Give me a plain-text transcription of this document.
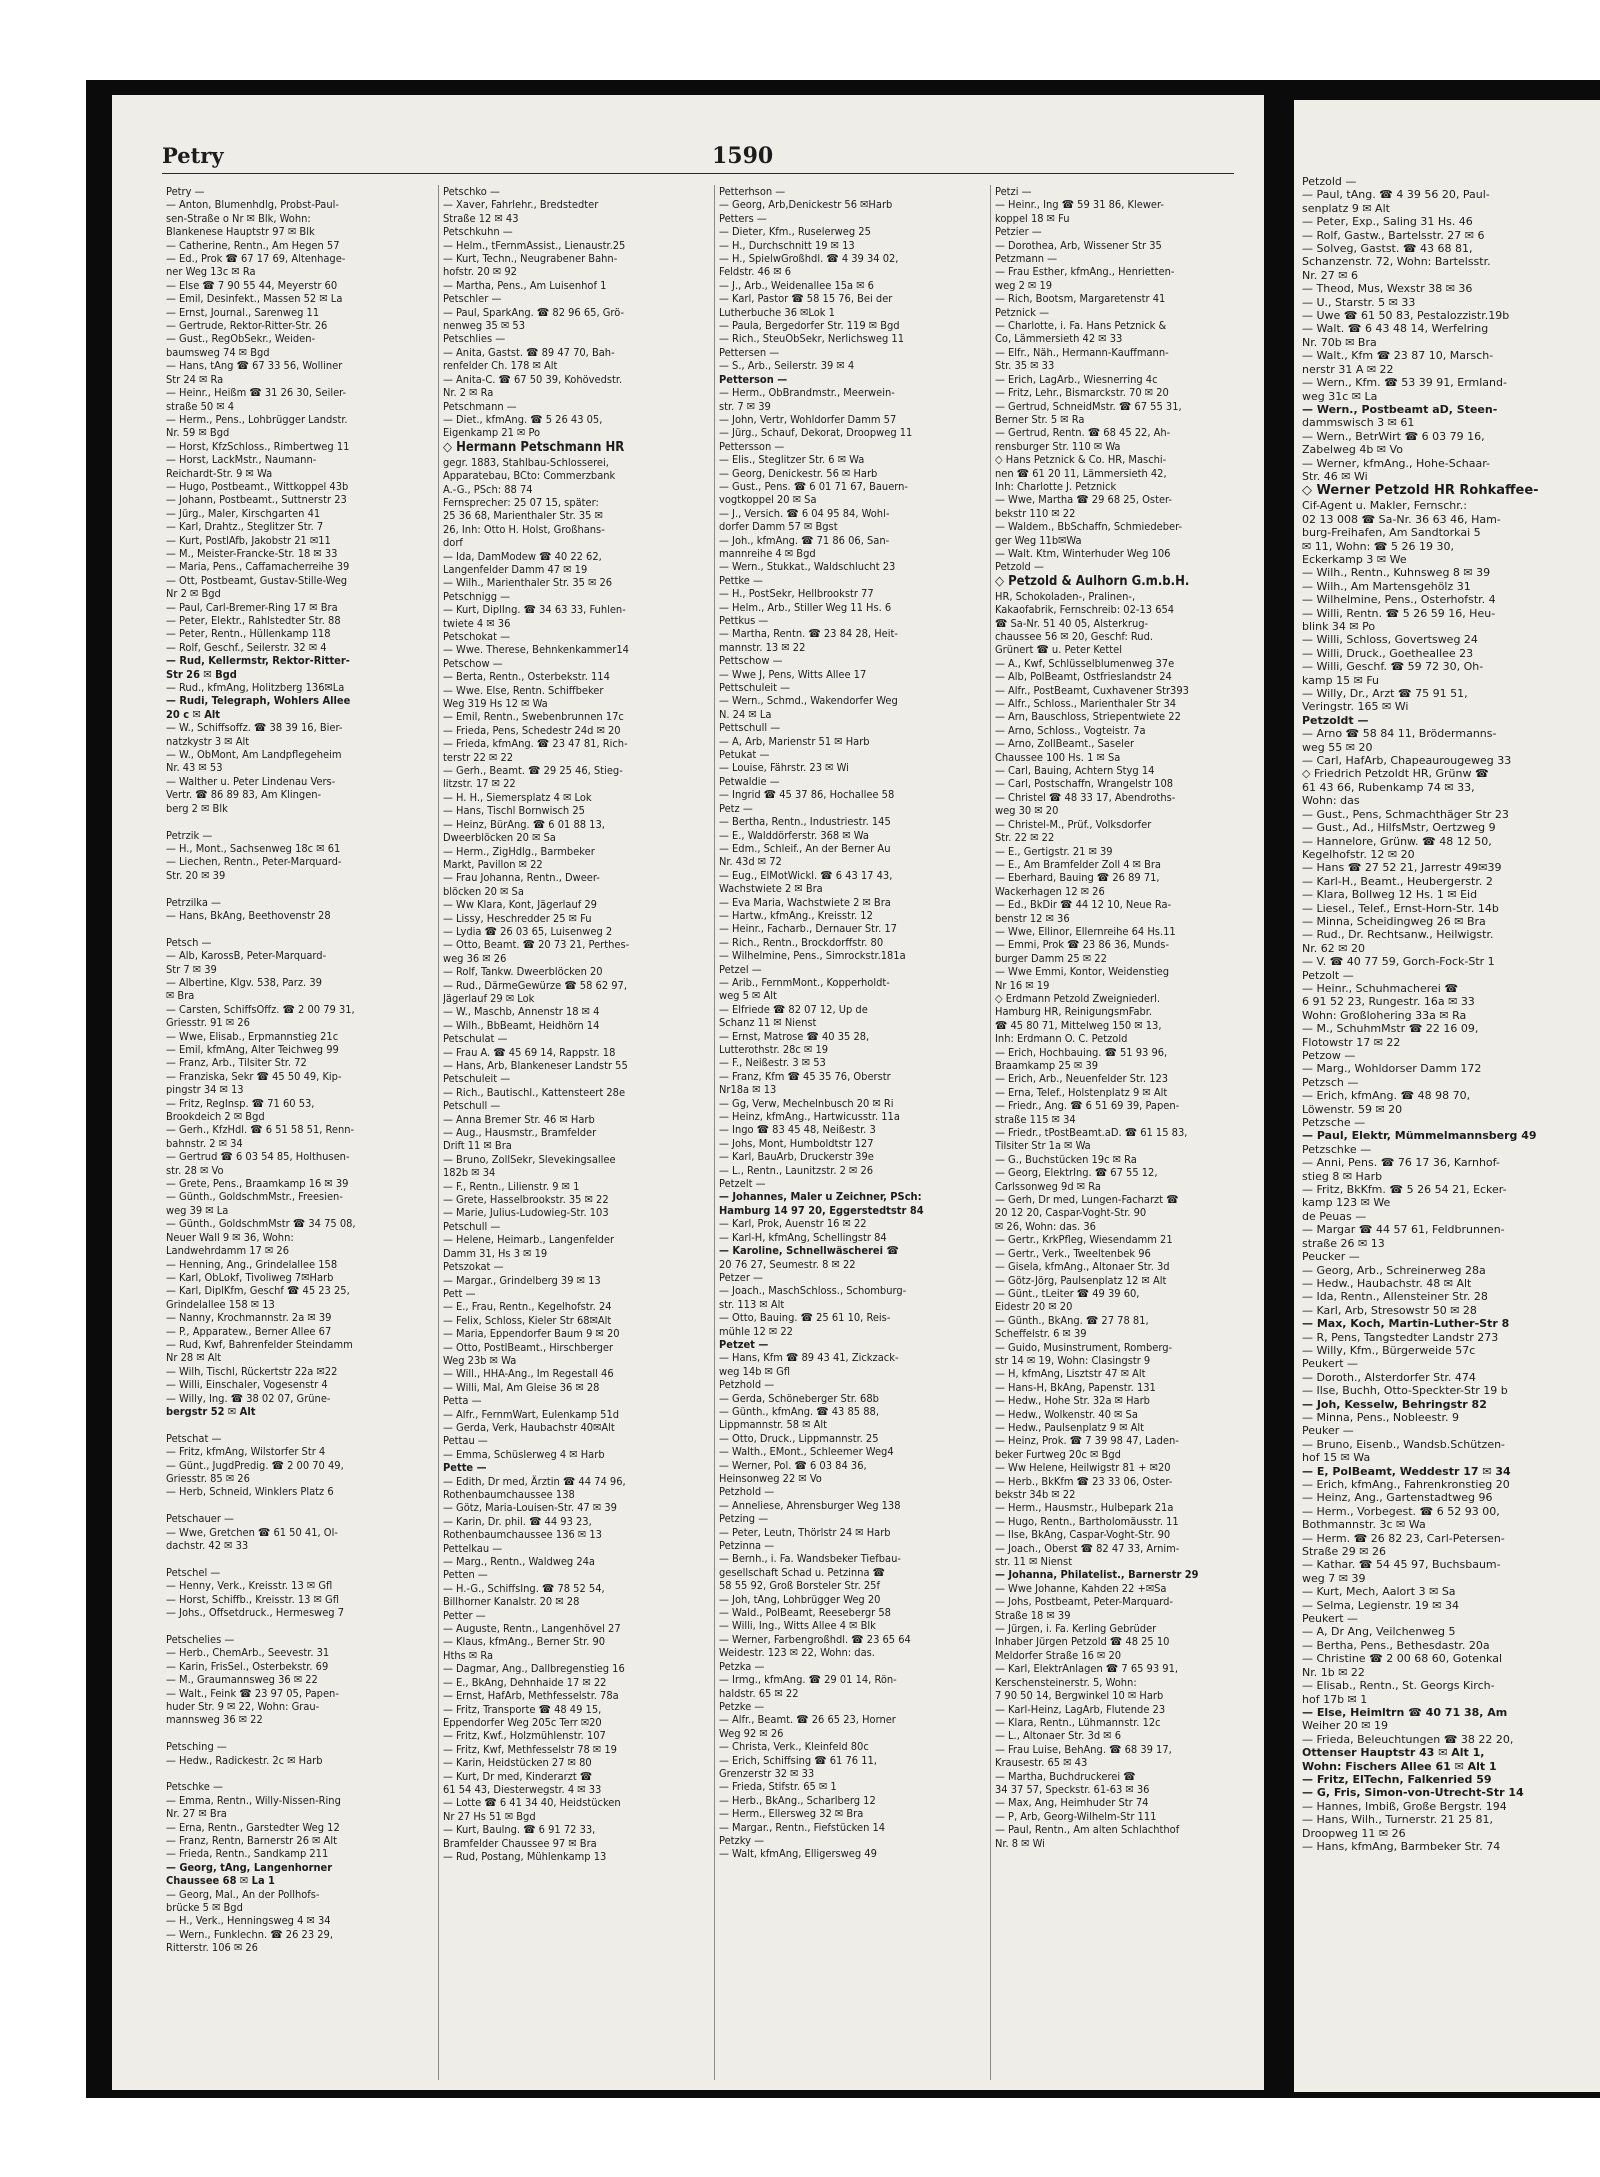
Petry	1590
Petry —
— Anton, Blumenhdlg, Probst-Paul-
sen-Straße o Nr ✉ Blk, Wohn:
Blankenese Hauptstr 97 ✉ Blk
— Catherine, Rentn., Am Hegen 57
— Ed., Prok ☎ 67 17 69, Altenhage-
ner Weg 13c ✉ Ra
— Else ☎ 7 90 55 44, Meyerstr 60
— Emil, Desinfekt., Massen 52 ✉ La
— Ernst, Journal., Sarenweg 11
— Gertrude, Rektor-Ritter-Str. 26
— Gust., RegObSekr., Weiden-
baumsweg 74 ✉ Bgd
— Hans, tAng ☎ 67 33 56, Wolliner
Str 24 ✉ Ra
— Heinr., Heißm ☎ 31 26 30, Seiler-
straße 50 ✉ 4
— Herm., Pens., Lohbrügger Landstr.
Nr. 59 ✉ Bgd
— Horst, KfzSchloss., Rimbertweg 11
— Horst, LackMstr., Naumann-
Reichardt-Str. 9 ✉ Wa
— Hugo, Postbeamt., Wittkoppel 43b
— Johann, Postbeamt., Suttnerstr 23
— Jürg., Maler, Kirschgarten 41
— Karl, Drahtz., Steglitzer Str. 7
— Kurt, PostlAfb, Jakobstr 21 ✉11
— M., Meister-Francke-Str. 18 ✉ 33
— Maria, Pens., Caffamacherreihe 39
— Ott, Postbeamt, Gustav-Stille-Weg
Nr 2 ✉ Bgd
— Paul, Carl-Bremer-Ring 17 ✉ Bra
— Peter, Elektr., Rahlstedter Str. 88
— Peter, Rentn., Hüllenkamp 118
— Rolf, Geschf., Seilerstr. 32 ✉ 4
— Rud, Kellermstr, Rektor-Ritter-
Str 26 ✉ Bgd
— Rud., kfmAng, Holitzberg 136✉La
— Rudi, Telegraph, Wohlers Allee
20 c ✉ Alt
— W., Schiffsoffz. ☎ 38 39 16, Bier-
natzkystr 3 ✉ Alt
— W., ObMont, Am Landpflegeheim
Nr. 43 ✉ 53
— Walther u. Peter Lindenau Vers-
Vertr. ☎ 86 89 83, Am Klingen-
berg 2 ✉ Blk

Petrzik —
— H., Mont., Sachsenweg 18c ✉ 61
— Liechen, Rentn., Peter-Marquard-
Str. 20 ✉ 39

Petrzilka —
— Hans, BkAng, Beethovenstr 28

Petsch —
— Alb, KarossB, Peter-Marquard-
Str 7 ✉ 39
— Albertine, Klgv. 538, Parz. 39
✉ Bra
— Carsten, SchiffsOffz. ☎ 2 00 79 31,
Griesstr. 91 ✉ 26
— Wwe, Elisab., Erpmannstieg 21c
— Emil, kfmAng, Alter Teichweg 99
— Franz, Arb., Tilsiter Str. 72
— Franziska, Sekr ☎ 45 50 49, Kip-
pingstr 34 ✉ 13
— Fritz, RegInsp. ☎ 71 60 53,
Brookdeich 2 ✉ Bgd
— Gerh., KfzHdl. ☎ 6 51 58 51, Renn-
bahnstr. 2 ✉ 34
— Gertrud ☎ 6 03 54 85, Holthusen-
str. 28 ✉ Vo
— Grete, Pens., Braamkamp 16 ✉ 39
— Günth., GoldschmMstr., Freesien-
weg 39 ✉ La
— Günth., GoldschmMstr ☎ 34 75 08,
Neuer Wall 9 ✉ 36, Wohn:
Landwehrdamm 17 ✉ 26
— Henning, Ang., Grindelallee 158
— Karl, ObLokf, Tivoliweg 7✉Harb
— Karl, DiplKfm, Geschf ☎ 45 23 25,
Grindelallee 158 ✉ 13
— Nanny, Krochmannstr. 2a ✉ 39
— P., Apparatew., Berner Allee 67
— Rud, Kwf, Bahrenfelder Steindamm
Nr 28 ✉ Alt
— Wilh, Tischl, Rückertstr 22a ✉22
— Willi, Einschaler, Vogesenstr 4
— Willy, Ing. ☎ 38 02 07, Grüne-
bergstr 52 ✉ Alt

Petschat —
— Fritz, kfmAng, Wilstorfer Str 4
— Günt., JugdPredig. ☎ 2 00 70 49,
Griesstr. 85 ✉ 26
— Herb, Schneid, Winklers Platz 6

Petschauer —
— Wwe, Gretchen ☎ 61 50 41, Ol-
dachstr. 42 ✉ 33

Petschel —
— Henny, Verk., Kreisstr. 13 ✉ Gfl
— Horst, Schiffb., Kreisstr. 13 ✉ Gfl
— Johs., Offsetdruck., Hermesweg 7

Petschelies —
— Herb., ChemArb., Seevestr. 31
— Karin, FrisSel., Osterbekstr. 69
— M., Graumannsweg 36 ✉ 22
— Walt., Feink ☎ 23 97 05, Papen-
huder Str. 9 ✉ 22, Wohn: Grau-
mannsweg 36 ✉ 22

Petsching —
— Hedw., Radickestr. 2c ✉ Harb

Petschke —
— Emma, Rentn., Willy-Nissen-Ring
Nr. 27 ✉ Bra
— Erna, Rentn., Garstedter Weg 12
— Franz, Rentn, Barnerstr 26 ✉ Alt
— Frieda, Rentn., Sandkamp 211
— Georg, tAng, Langenhorner
Chaussee 68 ✉ La 1
— Georg, Mal., An der Pollhofs-
brücke 5 ✉ Bgd
— H., Verk., Henningsweg 4 ✉ 34
— Wern., Funklechn. ☎ 26 23 29,
Ritterstr. 106 ✉ 26
Petschko —
— Xaver, Fahrlehr., Bredstedter
Straße 12 ✉ 43
Petschkuhn —
— Helm., tFernmAssist., Lienaustr.25
— Kurt, Techn., Neugrabener Bahn-
hofstr. 20 ✉ 92
— Martha, Pens., Am Luisenhof 1
Petschler —
— Paul, SparkAng. ☎ 82 96 65, Grö-
nenweg 35 ✉ 53
Petschlies —
— Anita, Gastst. ☎ 89 47 70, Bah-
renfelder Ch. 178 ✉ Alt
— Anita-C. ☎ 67 50 39, Kohövedstr.
Nr. 2 ✉ Ra
Petschmann —
— Diet., kfmAng. ☎ 5 26 43 05,
Eigenkamp 21 ✉ Po
◇ Hermann Petschmann HR
gegr. 1883, Stahlbau-Schlosserei,
Apparatebau, BCto: Commerzbank
A.-G., PSch: 88 74
Fernsprecher: 25 07 15, später:
25 36 68, Marienthaler Str. 35 ✉
26, Inh: Otto H. Holst, Großhans-
dorf
— Ida, DamModew ☎ 40 22 62,
Langenfelder Damm 47 ✉ 19
— Wilh., Marienthaler Str. 35 ✉ 26
Petschnigg —
— Kurt, DiplIng. ☎ 34 63 33, Fuhlen-
twiete 4 ✉ 36
Petschokat —
— Wwe. Therese, Behnkenkammer14
Petschow —
— Berta, Rentn., Osterbekstr. 114
— Wwe. Else, Rentn. Schiffbeker
Weg 319 Hs 12 ✉ Wa
— Emil, Rentn., Swebenbrunnen 17c
— Frieda, Pens, Schedestr 24d ✉ 20
— Frieda, kfmAng. ☎ 23 47 81, Rich-
terstr 22 ✉ 22
— Gerh., Beamt. ☎ 29 25 46, Stieg-
litzstr. 17 ✉ 22
— H. H., Siemersplatz 4 ✉ Lok
— Hans, Tischl Bornwisch 25
— Heinz, BürAng. ☎ 6 01 88 13,
Dweerblöcken 20 ✉ Sa
— Herm., ZigHdlg., Barmbeker
Markt, Pavillon ✉ 22
— Frau Johanna, Rentn., Dweer-
blöcken 20 ✉ Sa
— Ww Klara, Kont, Jägerlauf 29
— Lissy, Heschredder 25 ✉ Fu
— Lydia ☎ 26 03 65, Luisenweg 2
— Otto, Beamt. ☎ 20 73 21, Perthes-
weg 36 ✉ 26
— Rolf, Tankw. Dweerblöcken 20
— Rud., DärmeGewürze ☎ 58 62 97,
Jägerlauf 29 ✉ Lok
— W., Maschb, Annenstr 18 ✉ 4
— Wilh., BbBeamt, Heidhörn 14
Petschulat —
— Frau A. ☎ 45 69 14, Rappstr. 18
— Hans, Arb, Blankeneser Landstr 55
Petschuleit —
— Rich., Bautischl., Kattensteert 28e
Petschull —
— Anna Bremer Str. 46 ✉ Harb
— Aug., Hausmstr., Bramfelder
Drift 11 ✉ Bra
— Bruno, ZollSekr, Slevekingsallee
182b ✉ 34
— F., Rentn., Lilienstr. 9 ✉ 1
— Grete, Hasselbrookstr. 35 ✉ 22
— Marie, Julius-Ludowieg-Str. 103
Petschull —
— Helene, Heimarb., Langenfelder
Damm 31, Hs 3 ✉ 19
Petszokat —
— Margar., Grindelberg 39 ✉ 13
Pett —
— E., Frau, Rentn., Kegelhofstr. 24
— Felix, Schloss, Kieler Str 68✉Alt
— Maria, Eppendorfer Baum 9 ✉ 20
— Otto, PostlBeamt., Hirschberger
Weg 23b ✉ Wa
— Will., HHA-Ang., Im Regestall 46
— Willi, Mal, Am Gleise 36 ✉ 28
Petta —
— Alfr., FernmWart, Eulenkamp 51d
— Gerda, Verk, Haubachstr 40✉Alt
Pettau —
— Emma, Schüslerweg 4 ✉ Harb
Pette —
— Edith, Dr med, Ärztin ☎ 44 74 96,
Rothenbaumchaussee 138
— Götz, Maria-Louisen-Str. 47 ✉ 39
— Karin, Dr. phil. ☎ 44 93 23,
Rothenbaumchaussee 136 ✉ 13
Pettelkau —
— Marg., Rentn., Waldweg 24a
Petten —
— H.-G., SchiffsIng. ☎ 78 52 54,
Billhorner Kanalstr. 20 ✉ 28
Petter —
— Auguste, Rentn., Langenhövel 27
— Klaus, kfmAng., Berner Str. 90
Hths ✉ Ra
— Dagmar, Ang., Dallbregenstieg 16
— E., BkAng, Dehnhaide 17 ✉ 22
— Ernst, HafArb, Methfesselstr. 78a
— Fritz, Transporte ☎ 48 49 15,
Eppendorfer Weg 205c Terr ✉20
— Fritz, Kwf., Holzmühlenstr. 107
— Fritz, Kwf, Methfesselstr 78 ✉ 19
— Karin, Heidstücken 27 ✉ 80
— Kurt, Dr med, Kinderarzt ☎
61 54 43, Diesterwegstr. 4 ✉ 33
— Lotte ☎ 6 41 34 40, Heidstücken
Nr 27 Hs 51 ✉ Bgd
— Kurt, Baulng. ☎ 6 91 72 33,
Bramfelder Chaussee 97 ✉ Bra
— Rud, Postang, Mühlenkamp 13
Petterhson —
— Georg, Arb,Denickestr 56 ✉Harb
Petters —
— Dieter, Kfm., Ruselerweg 25
— H., Durchschnitt 19 ✉ 13
— H., SpielwGroßhdl. ☎ 4 39 34 02,
Feldstr. 46 ✉ 6
— J., Arb., Weidenallee 15a ✉ 6
— Karl, Pastor ☎ 58 15 76, Bei der
Lutherbuche 36 ✉Lok 1
— Paula, Bergedorfer Str. 119 ✉ Bgd
— Rich., SteuObSekr, Nerlichsweg 11
Pettersen —
— S., Arb., Seilerstr. 39 ✉ 4
Petterson —
— Herm., ObBrandmstr., Meerwein-
str. 7 ✉ 39
— John, Vertr, Wohldorfer Damm 57
— Jürg., Schauf, Dekorat, Droopweg 11
Pettersson —
— Elis., Steglitzer Str. 6 ✉ Wa
— Georg, Denickestr. 56 ✉ Harb
— Gust., Pens. ☎ 6 01 71 67, Bauern-
vogtkoppel 20 ✉ Sa
— J., Versich. ☎ 6 04 95 84, Wohl-
dorfer Damm 57 ✉ Bgst
— Joh., kfmAng. ☎ 71 86 06, San-
mannreihe 4 ✉ Bgd
— Wern., Stukkat., Waldschlucht 23
Pettke —
— H., PostSekr, Hellbrookstr 77
— Helm., Arb., Stiller Weg 11 Hs. 6
Pettkus —
— Martha, Rentn. ☎ 23 84 28, Heit-
mannstr. 13 ✉ 22
Pettschow —
— Wwe J, Pens, Witts Allee 17
Pettschuleit —
— Wern., Schmd., Wakendorfer Weg
N. 24 ✉ La
Pettschull —
— A, Arb, Marienstr 51 ✉ Harb
Petukat —
— Louise, Fährstr. 23 ✉ Wi
Petwaldie —
— Ingrid ☎ 45 37 86, Hochallee 58
Petz —
— Bertha, Rentn., Industriestr. 145
— E., Walddörferstr. 368 ✉ Wa
— Edm., Schleif., An der Berner Au
Nr. 43d ✉ 72
— Eug., ElMotWickl. ☎ 6 43 17 43,
Wachstwiete 2 ✉ Bra
— Eva Maria, Wachstwiete 2 ✉ Bra
— Hartw., kfmAng., Kreisstr. 12
— Heinr., Facharb., Dernauer Str. 17
— Rich., Rentn., Brockdorffstr. 80
— Wilhelmine, Pens., Simrockstr.181a
Petzel —
— Arib., FernmMont., Kopperholdt-
weg 5 ✉ Alt
— Elfriede ☎ 82 07 12, Up de
Schanz 11 ✉ Nienst
— Ernst, Matrose ☎ 40 35 28,
Lutterothstr. 28c ✉ 19
— F., Neißestr. 3 ✉ 53
— Franz, Kfm ☎ 45 35 76, Oberstr
Nr18a ✉ 13
— Gg, Verw, Mechelnbusch 20 ✉ Ri
— Heinz, kfmAng., Hartwicusstr. 11a
— Ingo ☎ 83 45 48, Neißestr. 3
— Johs, Mont, Humboldtstr 127
— Karl, BauArb, Druckerstr 39e
— L., Rentn., Launitzstr. 2 ✉ 26
Petzelt —
— Johannes, Maler u Zeichner, PSch:
Hamburg 14 97 20, Eggerstedtstr 84
— Karl, Prok, Auenstr 16 ✉ 22
— Karl-H, kfmAng, Schellingstr 84
— Karoline, Schnellwäscherei ☎
20 76 27, Seumestr. 8 ✉ 22
Petzer —
— Joach., MaschSchloss., Schomburg-
str. 113 ✉ Alt
— Otto, Bauing. ☎ 25 61 10, Reis-
mühle 12 ✉ 22
Petzet —
— Hans, Kfm ☎ 89 43 41, Zickzack-
weg 14b ✉ Gfl
Petzhold —
— Gerda, Schöneberger Str. 68b
— Günth., kfmAng. ☎ 43 85 88,
Lippmannstr. 58 ✉ Alt
— Otto, Druck., Lippmannstr. 25
— Walth., EMont., Schleemer Weg4
— Werner, Pol. ☎ 6 03 84 36,
Heinsonweg 22 ✉ Vo
Petzhold —
— Anneliese, Ahrensburger Weg 138
Petzing —
— Peter, Leutn, Thörlstr 24 ✉ Harb
Petzinna —
— Bernh., i. Fa. Wandsbeker Tiefbau-
gesellschaft Schad u. Petzinna ☎
58 55 92, Groß Borsteler Str. 25f
— Joh, tAng, Lohbrügger Weg 20
— Wald., PolBeamt, Reesebergr 58
— Willi, Ing., Witts Allee 4 ✉ Blk
— Werner, Farbengroßhdl. ☎ 23 65 64
Weidestr. 123 ✉ 22, Wohn: das.
Petzka —
— Irmg., kfmAng. ☎ 29 01 14, Rön-
haldstr. 65 ✉ 22
Petzke —
— Alfr., Beamt. ☎ 26 65 23, Horner
Weg 92 ✉ 26
— Christa, Verk., Kleinfeld 80c
— Erich, Schiffsing ☎ 61 76 11,
Grenzerstr 32 ✉ 33
— Frieda, Stifstr. 65 ✉ 1
— Herb., BkAng., Scharlberg 12
— Herm., Ellersweg 32 ✉ Bra
— Margar., Rentn., Fiefstücken 14
Petzky —
— Walt, kfmAng, Elligersweg 49
Petzi —
— Heinr., Ing ☎ 59 31 86, Klewer-
koppel 18 ✉ Fu
Petzier —
— Dorothea, Arb, Wissener Str 35
Petzmann —
— Frau Esther, kfmAng., Henrietten-
weg 2 ✉ 19
— Rich, Bootsm, Margaretenstr 41
Petznick —
— Charlotte, i. Fa. Hans Petznick &
Co, Lämmersieth 42 ✉ 33
— Elfr., Näh., Hermann-Kauffmann-
Str. 35 ✉ 33
— Erich, LagArb., Wiesnerring 4c
— Fritz, Lehr., Bismarckstr. 70 ✉ 20
— Gertrud, SchneidMstr. ☎ 67 55 31,
Berner Str. 5 ✉ Ra
— Gertrud, Rentn. ☎ 68 45 22, Ah-
rensburger Str. 110 ✉ Wa
◇ Hans Petznick & Co. HR, Maschi-
nen ☎ 61 20 11, Lämmersieth 42,
Inh: Charlotte J. Petznick
— Wwe, Martha ☎ 29 68 25, Oster-
bekstr 110 ✉ 22
— Waldem., BbSchaffn, Schmiedeber-
ger Weg 11b✉Wa
— Walt. Ktm, Winterhuder Weg 106
Petzold —
◇ Petzold & Aulhorn G.m.b.H.
HR, Schokoladen-, Pralinen-,
Kakaofabrik, Fernschreib: 02-13 654
☎ Sa-Nr. 51 40 05, Alsterkrug-
chaussee 56 ✉ 20, Geschf: Rud.
Grünert ☎ u. Peter Kettel
— A., Kwf, Schlüsselblumenweg 37e
— Alb, PolBeamt, Ostfrieslandstr 24
— Alfr., PostBeamt, Cuxhavener Str393
— Alfr., Schloss., Marienthaler Str 34
— Arn, Bauschloss, Striepentwiete 22
— Arno, Schloss., Vogteistr. 7a
— Arno, ZollBeamt., Saseler
Chaussee 100 Hs. 1 ✉ Sa
— Carl, Bauing, Achtern Styg 14
— Carl, Postschaffn, Wrangelstr 108
— Christel ☎ 48 33 17, Abendroths-
weg 30 ✉ 20
— Christel-M., Prüf., Volksdorfer
Str. 22 ✉ 22
— E., Gertigstr. 21 ✉ 39
— E., Am Bramfelder Zoll 4 ✉ Bra
— Eberhard, Bauing ☎ 26 89 71,
Wackerhagen 12 ✉ 26
— Ed., BkDir ☎ 44 12 10, Neue Ra-
benstr 12 ✉ 36
— Wwe, Ellinor, Ellernreihe 64 Hs.11
— Emmi, Prok ☎ 23 86 36, Munds-
burger Damm 25 ✉ 22
— Wwe Emmi, Kontor, Weidenstieg
Nr 16 ✉ 19
◇ Erdmann Petzold Zweigniederl.
Hamburg HR, ReinigungsmFabr.
☎ 45 80 71, Mittelweg 150 ✉ 13,
Inh: Erdmann O. C. Petzold
— Erich, Hochbauing. ☎ 51 93 96,
Braamkamp 25 ✉ 39
— Erich, Arb., Neuenfelder Str. 123
— Erna, Telef., Holstenplatz 9 ✉ Alt
— Friedr., Ang. ☎ 6 51 69 39, Papen-
straße 115 ✉ 34
— Friedr., tPostBeamt.aD. ☎ 61 15 83,
Tilsiter Str 1a ✉ Wa
— G., Buchstücken 19c ✉ Ra
— Georg, ElektrIng. ☎ 67 55 12,
Carlssonweg 9d ✉ Ra
— Gerh, Dr med, Lungen-Facharzt ☎
20 12 20, Caspar-Voght-Str. 90
✉ 26, Wohn: das. 36
— Gertr., KrkPfleg, Wiesendamm 21
— Gertr., Verk., Tweeltenbek 96
— Gisela, kfmAng., Altonaer Str. 3d
— Götz-Jörg, Paulsenplatz 12 ✉ Alt
— Günt., tLeiter ☎ 49 39 60,
Eidestr 20 ✉ 20
— Günth., BkAng. ☎ 27 78 81,
Scheffelstr. 6 ✉ 39
— Guido, Musinstrument, Romberg-
str 14 ✉ 19, Wohn: Clasingstr 9
— H, kfmAng, Lisztstr 47 ✉ Alt
— Hans-H, BkAng, Papenstr. 131
— Hedw., Hohe Str. 32a ✉ Harb
— Hedw., Wolkenstr. 40 ✉ Sa
— Hedw., Paulsenplatz 9 ✉ Alt
— Heinz, Prok. ☎ 7 39 98 47, Laden-
beker Furtweg 20c ✉ Bgd
— Ww Helene, Heilwigstr 81 + ✉20
— Herb., BkKfm ☎ 23 33 06, Oster-
bekstr 34b ✉ 22
— Herm., Hausmstr., Hulbepark 21a
— Hugo, Rentn., Bartholomäusstr. 11
— Ilse, BkAng, Caspar-Voght-Str. 90
— Joach., Oberst ☎ 82 47 33, Arnim-
str. 11 ✉ Nienst
— Johanna, Philatelist., Barnerstr 29
— Wwe Johanne, Kahden 22 +✉Sa
— Johs, Postbeamt, Peter-Marquard-
Straße 18 ✉ 39
— Jürgen, i. Fa. Kerling Gebrüder
Inhaber Jürgen Petzold ☎ 48 25 10
Meldorfer Straße 16 ✉ 20
— Karl, ElektrAnlagen ☎ 7 65 93 91,
Kerschensteinerstr. 5, Wohn:
7 90 50 14, Bergwinkel 10 ✉ Harb
— Karl-Heinz, LagArb, Flutende 23
— Klara, Rentn., Lühmannstr. 12c
— L., Altonaer Str. 3d ✉ 6
— Frau Luise, BehAng. ☎ 68 39 17,
Krausestr. 65 ✉ 43
— Martha, Buchdruckerei ☎
34 37 57, Speckstr. 61-63 ✉ 36
— Max, Ang, Heimhuder Str 74
— P, Arb, Georg-Wilhelm-Str 111
— Paul, Rentn., Am alten Schlachthof
Nr. 8 ✉ Wi
Petzold —
— Paul, tAng. ☎ 4 39 56 20, Paul-
senplatz 9 ✉ Alt
— Peter, Exp., Saling 31 Hs. 46
— Rolf, Gastw., Bartelsstr. 27 ✉ 6
— Solveg, Gastst. ☎ 43 68 81,
Schanzenstr. 72, Wohn: Bartelsstr.
Nr. 27 ✉ 6
— Theod, Mus, Wexstr 38 ✉ 36
— U., Starstr. 5 ✉ 33
— Uwe ☎ 61 50 83, Pestalozzistr.19b
— Walt. ☎ 6 43 48 14, Werfelring
Nr. 70b ✉ Bra
— Walt., Kfm ☎ 23 87 10, Marsch-
nerstr 31 A ✉ 22
— Wern., Kfm. ☎ 53 39 91, Ermland-
weg 31c ✉ La
— Wern., Postbeamt aD, Steen-
dammswisch 3 ✉ 61
— Wern., BetrWirt ☎ 6 03 79 16,
Zabelweg 4b ✉ Vo
— Werner, kfmAng., Hohe-Schaar-
Str. 46 ✉ Wi
◇ Werner Petzold HR Rohkaffee-
Cif-Agent u. Makler, Fernschr.:
02 13 008 ☎ Sa-Nr. 36 63 46, Ham-
burg-Freihafen, Am Sandtorkai 5
✉ 11, Wohn: ☎ 5 26 19 30,
Eckerkamp 3 ✉ We
— Wilh., Rentn., Kuhnsweg 8 ✉ 39
— Wilh., Am Martensgehölz 31
— Wilhelmine, Pens., Osterhofstr. 4
— Willi, Rentn. ☎ 5 26 59 16, Heu-
blink 34 ✉ Po
— Willi, Schloss, Govertsweg 24
— Willi, Druck., Goetheallee 23
— Willi, Geschf. ☎ 59 72 30, Oh-
kamp 15 ✉ Fu
— Willy, Dr., Arzt ☎ 75 91 51,
Veringstr. 165 ✉ Wi
Petzoldt —
— Arno ☎ 58 84 11, Brödermanns-
weg 55 ✉ 20
— Carl, HafArb, Chapeaurougeweg 33
◇ Friedrich Petzoldt HR, Grünw ☎
61 43 66, Rubenkamp 74 ✉ 33,
Wohn: das
— Gust., Pens, Schmachthäger Str 23
— Gust., Ad., HilfsMstr, Oertzweg 9
— Hannelore, Grünw. ☎ 48 12 50,
Kegelhofstr. 12 ✉ 20
— Hans ☎ 27 52 21, Jarrestr 49✉39
— Karl-H., Beamt., Heubergerstr. 2
— Klara, Bollweg 12 Hs. 1 ✉ Eid
— Liesel., Telef., Ernst-Horn-Str. 14b
— Minna, Scheidingweg 26 ✉ Bra
— Rud., Dr. Rechtsanw., Heilwigstr.
Nr. 62 ✉ 20
— V. ☎ 40 77 59, Gorch-Fock-Str 1
Petzolt —
— Heinr., Schuhmacherei ☎
6 91 52 23, Rungestr. 16a ✉ 33
Wohn: Großlohering 33a ✉ Ra
— M., SchuhmMstr ☎ 22 16 09,
Flotowstr 17 ✉ 22
Petzow —
— Marg., Wohldorser Damm 172
Petzsch —
— Erich, kfmAng. ☎ 48 98 70,
Löwenstr. 59 ✉ 20
Petzsche —
— Paul, Elektr, Mümmelmannsberg 49
Petzschke —
— Anni, Pens. ☎ 76 17 36, Karnhof-
stieg 8 ✉ Harb
— Fritz, BkKfm. ☎ 5 26 54 21, Ecker-
kamp 123 ✉ We
de Peuas —
— Margar ☎ 44 57 61, Feldbrunnen-
straße 26 ✉ 13
Peucker —
— Georg, Arb., Schreinerweg 28a
— Hedw., Haubachstr. 48 ✉ Alt
— Ida, Rentn., Allensteiner Str. 28
— Karl, Arb, Stresowstr 50 ✉ 28
— Max, Koch, Martin-Luther-Str 8
— R, Pens, Tangstedter Landstr 273
— Willy, Kfm., Bürgerweide 57c
Peukert —
— Doroth., Alsterdorfer Str. 474
— Ilse, Buchh, Otto-Speckter-Str 19 b
— Joh, Kesselw, Behringstr 82
— Minna, Pens., Nobleestr. 9
Peuker —
— Bruno, Eisenb., Wandsb.Schützen-
hof 15 ✉ Wa
— E, PolBeamt, Weddestr 17 ✉ 34
— Erich, kfmAng., Fahrenkronstieg 20
— Heinz, Ang., Gartenstadtweg 96
— Herm., Vorbegest. ☎ 6 52 93 00,
Bothmannstr. 3c ✉ Wa
— Herm. ☎ 26 82 23, Carl-Petersen-
Straße 29 ✉ 26
— Kathar. ☎ 54 45 97, Buchsbaum-
weg 7 ✉ 39
— Kurt, Mech, Aalort 3 ✉ Sa
— Selma, Legienstr. 19 ✉ 34
Peukert —
— A, Dr Ang, Veilchenweg 5
— Bertha, Pens., Bethesdastr. 20a
— Christine ☎ 2 00 68 60, Gotenkal
Nr. 1b ✉ 22
— Elisab., Rentn., St. Georgs Kirch-
hof 17b ✉ 1
— Else, Heimltrn ☎ 40 71 38, Am
Weiher 20 ✉ 19
— Frieda, Beleuchtungen ☎ 38 22 20,
Ottenser Hauptstr 43 ✉ Alt 1,
Wohn: Fischers Allee 61 ✉ Alt 1
— Fritz, ElTechn, Falkenried 59
— G, Fris, Simon-von-Utrecht-Str 14
— Hannes, Imbiß, Große Bergstr. 194
— Hans, Wilh., Turnerstr. 21 25 81,
Droopweg 11 ✉ 26
— Hans, kfmAng, Barmbeker Str. 74
